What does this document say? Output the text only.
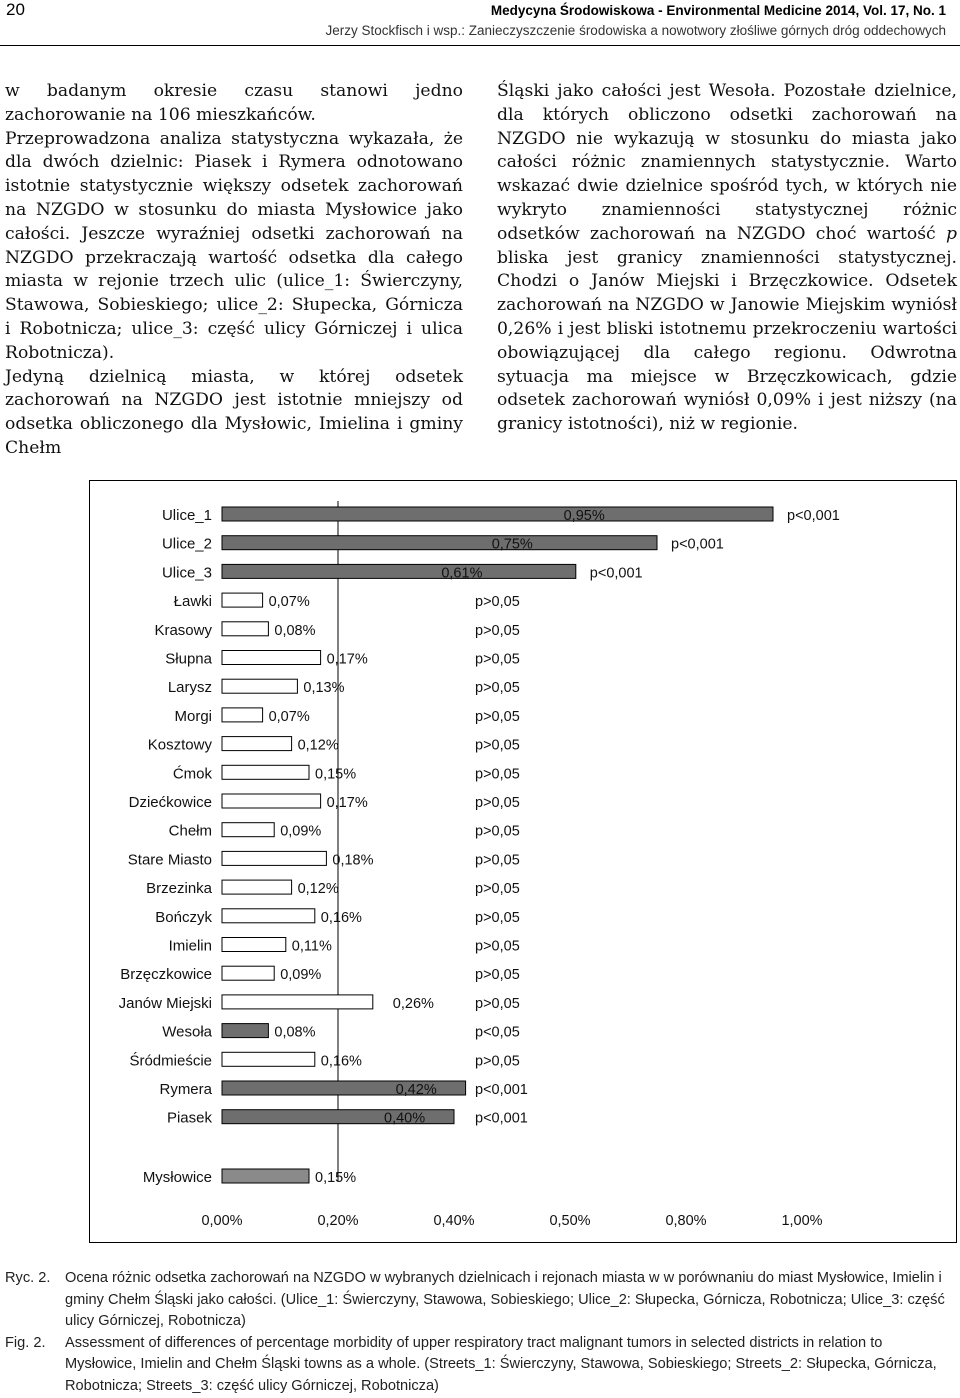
20	Medycyna Środowiskowa - Environmental Medicine 2014, Vol. 17, No. 1
Jerzy Stockfisch i wsp.: Zanieczyszczenie środowiska a nowotwory złośliwe górnych dróg oddechowych

w badanym okresie czasu stanowi jedno zachorowanie na 106 mieszkańców.

Przeprowadzona analiza statystyczna wykazała, że dla dwóch dzielnic: Piasek i Rymera odnotowano istotnie statystycznie większy odsetek zachorowań na NZGDO w stosunku do miasta Mysłowice jako całości. Jeszcze wyraźniej odsetki zachorowań na NZGDO przekraczają wartość odsetka dla całego miasta w rejonie trzech ulic (ulice_1: Świerczyny, Stawowa, Sobieskiego; ulice_2: Słupecka, Górnicza i Robotnicza; ulice_3: część ulicy Górniczej i ulica Robotnicza).

Jedyną dzielnicą miasta, w której odsetek zachorowań na NZGDO jest istotnie mniejszy od odsetka obliczonego dla Mysłowic, Imielina i gminy Chełm

Śląski jako całości jest Wesoła. Pozostałe dzielnice, dla których obliczono odsetki zachorowań na NZGDO nie wykazują w stosunku do miasta jako całości różnic znamiennych statystycznie. Warto wskazać dwie dzielnice spośród tych, w których nie wykryto znamienności statystycznej różnic odsetków zachorowań na NZGDO choć wartość p bliska jest granicy znamienności statystycznej. Chodzi o Janów Miejski i Brzęczkowice. Odsetek zachorowań na NZGDO w Janowie Miejskim wyniósł 0,26% i jest bliski istotnemu przekroczeniu wartości obowiązującej dla całego regionu. Odwrotna sytuacja ma miejsce w Brzęczkowicach, gdzie odsetek zachorowań wyniósł 0,09% i jest niższy (na granicy istotności), niż w regionie.

Ulice_1	0,95%	p<0,001
Ulice_2	0,75%	p<0,001
Ulice_3	0,61%	p<0,001
Ławki	0,07%	p>0,05
Krasowy	0,08%	p>0,05
Słupna	0,17%	p>0,05
Larysz	0,13%	p>0,05
Morgi	0,07%	p>0,05
Kosztowy	0,12%	p>0,05
Ćmok	0,15%	p>0,05
Dziećkowice	0,17%	p>0,05
Chełm	0,09%	p>0,05
Stare Miasto	0,18%	p>0,05
Brzezinka	0,12%	p>0,05
Bończyk	0,16%	p>0,05
Imielin	0,11%	p>0,05
Brzęczkowice	0,09%	p>0,05
Janów Miejski	0,26%	p>0,05
Wesoła	0,08%	p<0,05
Śródmieście	0,16%	p>0,05
Rymera	0,42%	p<0,001
Piasek	0,40%	p<0,001
Mysłowice	0,15%
0,00%	0,20%	0,40%	0,50%	0,80%	1,00%
Ryc. 2. Ocena różnic odsetka zachorowań na NZGDO w wybranych dzielnicach i rejonach miasta w w porównaniu do miast Mysłowice, Imielin i gminy Chełm Śląski jako całości. (Ulice_1: Świerczyny, Stawowa, Sobieskiego; Ulice_2: Słupecka, Górnicza, Robotnicza; Ulice_3: część ulicy Górniczej, Robotnicza)
Fig. 2.	Assessment of differences of percentage morbidity of upper respiratory tract malignant tumors in selected districts in relation to Mysłowice, Imielin and Chełm Śląski towns as a whole. (Streets_1: Świerczyny, Stawowa, Sobieskiego; Streets_2: Słupecka, Górnicza, Robotnicza; Streets_3: część ulicy Górniczej, Robotnicza)
